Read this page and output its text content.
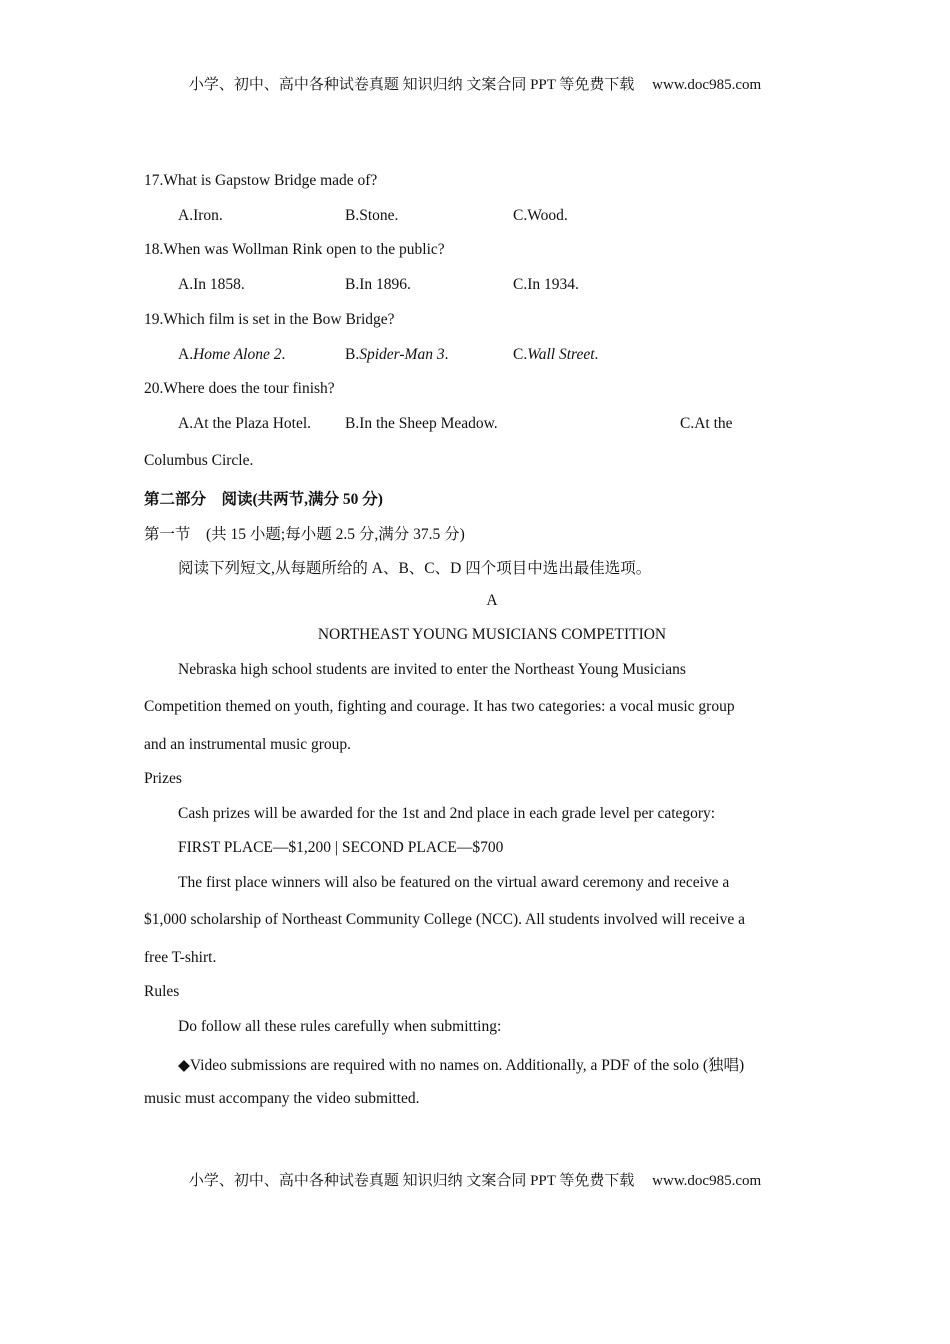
小学、初中、高中各种试卷真题 知识归纳 文案合同 PPT 等免费下载 www.doc985.com
17.What is Gapstow Bridge made of?
A.Iron.	B.Stone.	C.Wood.
18.When was Wollman Rink open to the public?
A.In 1858.	B.In 1896.	C.In 1934.
19.Which film is set in the Bow Bridge?
A.Home Alone 2.	B.Spider-Man 3.	C.Wall Street.
20.Where does the tour finish?
A.At the Plaza Hotel. B.In the Sheep Meadow.	C.At the
Columbus Circle.
第二部分　阅读(共两节,满分 50 分)
第一节　(共 15 小题;每小题 2.5 分,满分 37.5 分)
阅读下列短文,从每题所给的 A、B、C、D 四个项目中选出最佳选项。
A
NORTHEAST YOUNG MUSICIANS COMPETITION
Nebraska high school students are invited to enter the Northeast Young Musicians
Competition themed on youth, fighting and courage. It has two categories: a vocal music group
and an instrumental music group.
Prizes
Cash prizes will be awarded for the 1st and 2nd place in each grade level per category:
FIRST PLACE—$1,200 | SECOND PLACE—$700
The first place winners will also be featured on the virtual award ceremony and receive a
$1,000 scholarship of Northeast Community College (NCC). All students involved will receive a
free T-shirt.
Rules
Do follow all these rules carefully when submitting:
◆Video submissions are required with no names on. Additionally, a PDF of the solo (独唱)
music must accompany the video submitted.
小学、初中、高中各种试卷真题 知识归纳 文案合同 PPT 等免费下载 www.doc985.com
